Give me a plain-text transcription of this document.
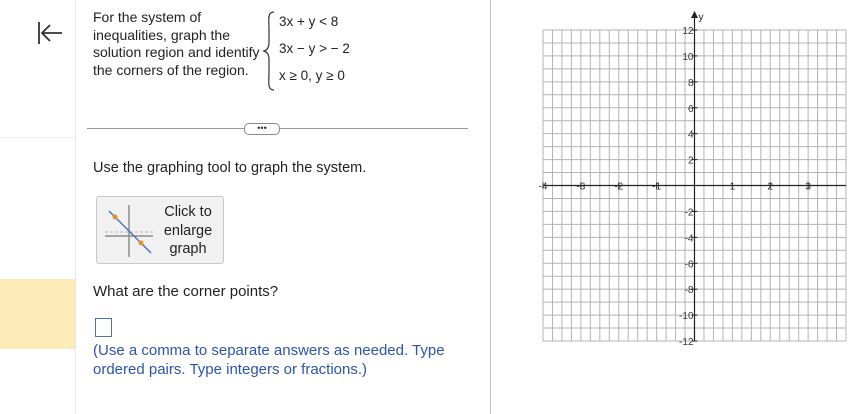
For the system of inequalities, graph the solution region and identify the corners of the region.
3x + y < 8
3x − y > − 2
x ≥ 0, y ≥ 0
•••
Use the graphing tool to graph the system.
Click to enlarge graph
What are the corner points?
(Use a comma to separate answers as needed. Type ordered pairs. Type integers or fractions.)
y
-4	-3	-2	-1	1	2	3
12
10
8
6
4
2
-2
-4
-6
-8
-10
-12
